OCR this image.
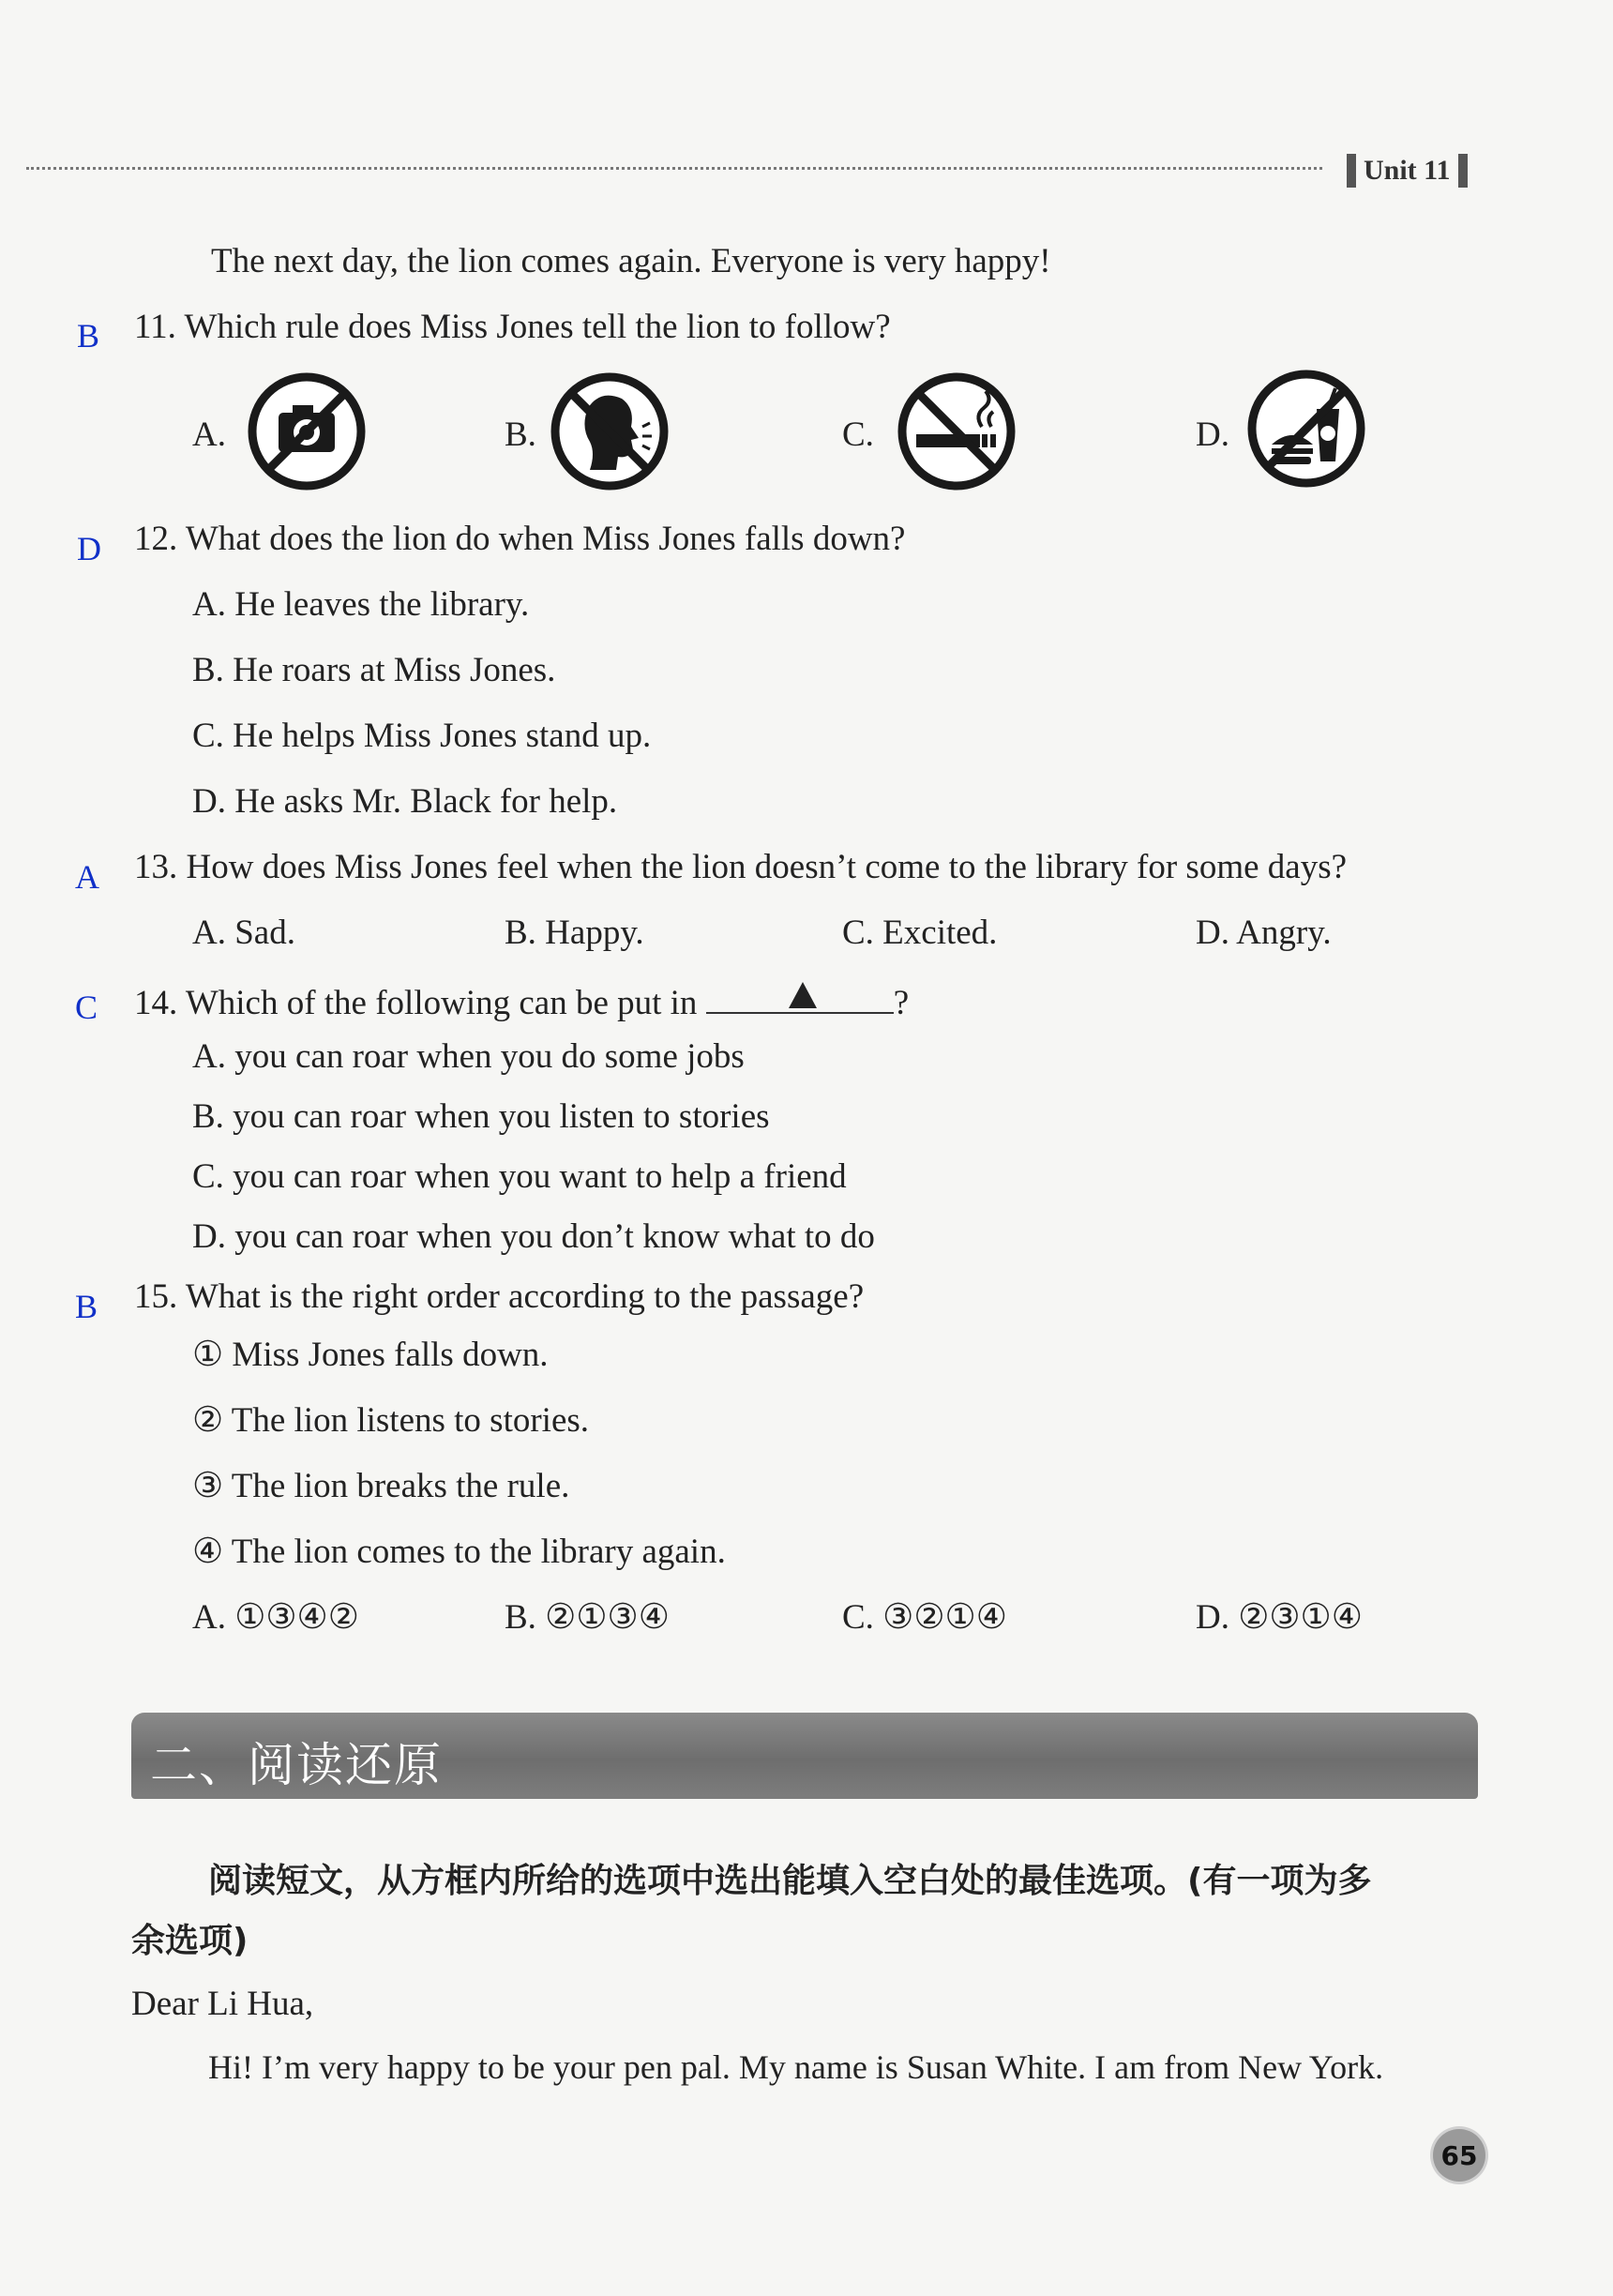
Unit 11
The next day, the lion comes again. Everyone is very happy!
B 11. Which rule does Miss Jones tell the lion to follow?
A.	B.	C.	D.
D 12. What does the lion do when Miss Jones falls down?
A. He leaves the library.
B. He roars at Miss Jones.
C. He helps Miss Jones stand up.
D. He asks Mr. Black for help.
A 13. How does Miss Jones feel when the lion doesn’t come to the library for some days?
A. Sad.	B. Happy.	C. Excited.	D. Angry.
C 14. Which of the following can be put in	?
A. you can roar when you do some jobs
B. you can roar when you listen to stories
C. you can roar when you want to help a friend
D. you can roar when you don’t know what to do
B 15. What is the right order according to the passage?
① Miss Jones falls down.
② The lion listens to stories.
③ The lion breaks the rule.
④ The lion comes to the library again.
A. ①③④②	B. ②①③④	C. ③②①④	D. ②③①④
二、阅读还原
阅读短文，从方框内所给的选项中选出能填入空白处的最佳选项。(有一项为多
余选项)
Dear Li Hua,
Hi! I’m very happy to be your pen pal. My name is Susan White. I am from New York.
65
